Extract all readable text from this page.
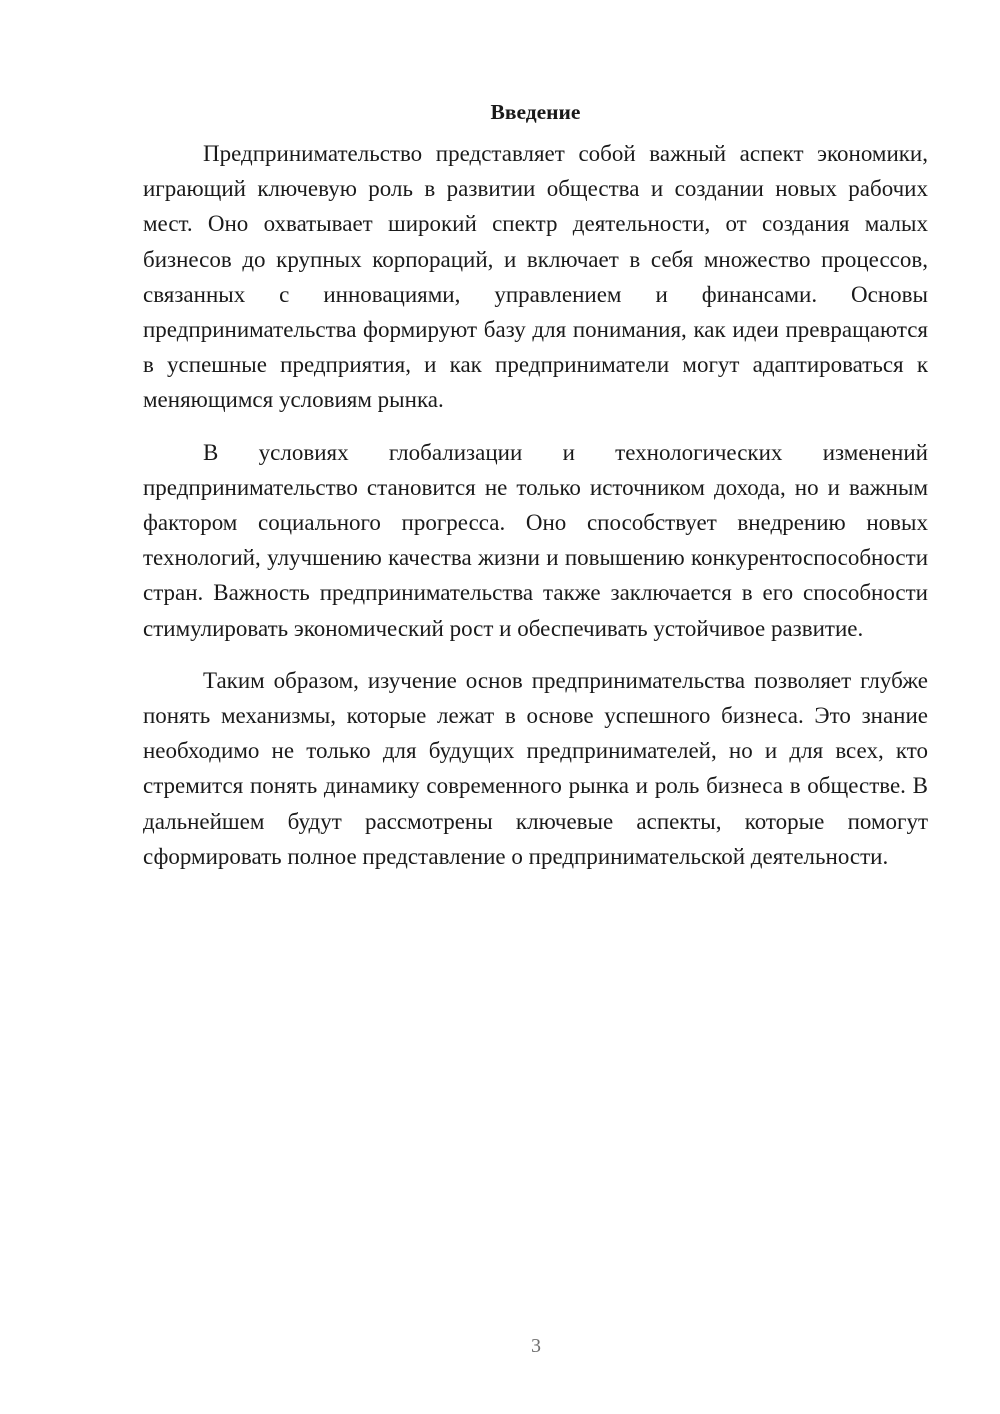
Введение

Предпринимательство представляет собой важный аспект экономики, играющий ключевую роль в развитии общества и создании новых рабочих мест. Оно охватывает широкий спектр деятельности, от создания малых бизнесов до крупных корпораций, и включает в себя множество процессов, связанных с инновациями, управлением и финансами. Основы предпринимательства формируют базу для понимания, как идеи превращаются в успешные предприятия, и как предприниматели могут адаптироваться к меняющимся условиям рынка.

В условиях глобализации и технологических изменений предпринимательство становится не только источником дохода, но и важным фактором социального прогресса. Оно способствует внедрению новых технологий, улучшению качества жизни и повышению конкурентоспособности стран. Важность предпринимательства также заключается в его способности стимулировать экономический рост и обеспечивать устойчивое развитие.

Таким образом, изучение основ предпринимательства позволяет глубже понять механизмы, которые лежат в основе успешного бизнеса. Это знание необходимо не только для будущих предпринимателей, но и для всех, кто стремится понять динамику современного рынка и роль бизнеса в обществе. В дальнейшем будут рассмотрены ключевые аспекты, которые помогут сформировать полное представление о предпринимательской деятельности.

3
